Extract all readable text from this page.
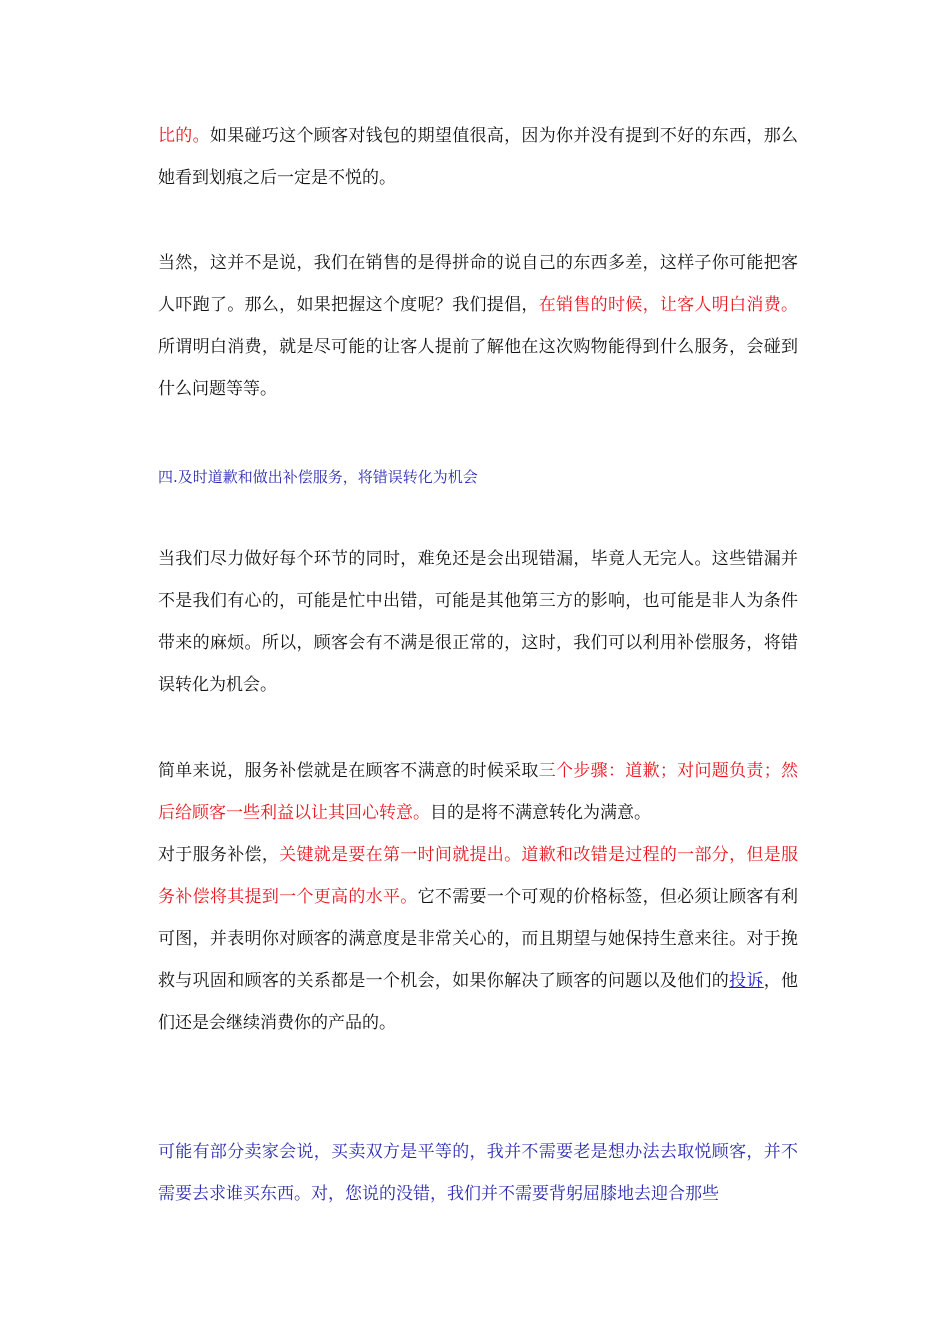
比的。如果碰巧这个顾客对钱包的期望值很高，因为你并没有提到不好的东西，那么她看到划痕之后一定是不悦的。

当然，这并不是说，我们在销售的是得拼命的说自己的东西多差，这样子你可能把客人吓跑了。那么，如果把握这个度呢？我们提倡，在销售的时候，让客人明白消费。所谓明白消费，就是尽可能的让客人提前了解他在这次购物能得到什么服务，会碰到什么问题等等。

四.及时道歉和做出补偿服务，将错误转化为机会

当我们尽力做好每个环节的同时，难免还是会出现错漏，毕竟人无完人。这些错漏并不是我们有心的，可能是忙中出错，可能是其他第三方的影响，也可能是非人为条件带来的麻烦。所以，顾客会有不满是很正常的，这时，我们可以利用补偿服务，将错误转化为机会。

简单来说，服务补偿就是在顾客不满意的时候采取三个步骤：道歉；对问题负责；然后给顾客一些利益以让其回心转意。目的是将不满意转化为满意。

对于服务补偿，关键就是要在第一时间就提出。道歉和改错是过程的一部分，但是服务补偿将其提到一个更高的水平。它不需要一个可观的价格标签，但必须让顾客有利可图，并表明你对顾客的满意度是非常关心的，而且期望与她保持生意来往。对于挽救与巩固和顾客的关系都是一个机会，如果你解决了顾客的问题以及他们的投诉，他们还是会继续消费你的产品的。

可能有部分卖家会说，买卖双方是平等的，我并不需要老是想办法去取悦顾客，并不需要去求谁买东西。对，您说的没错，我们并不需要背躬屈膝地去迎合那些
